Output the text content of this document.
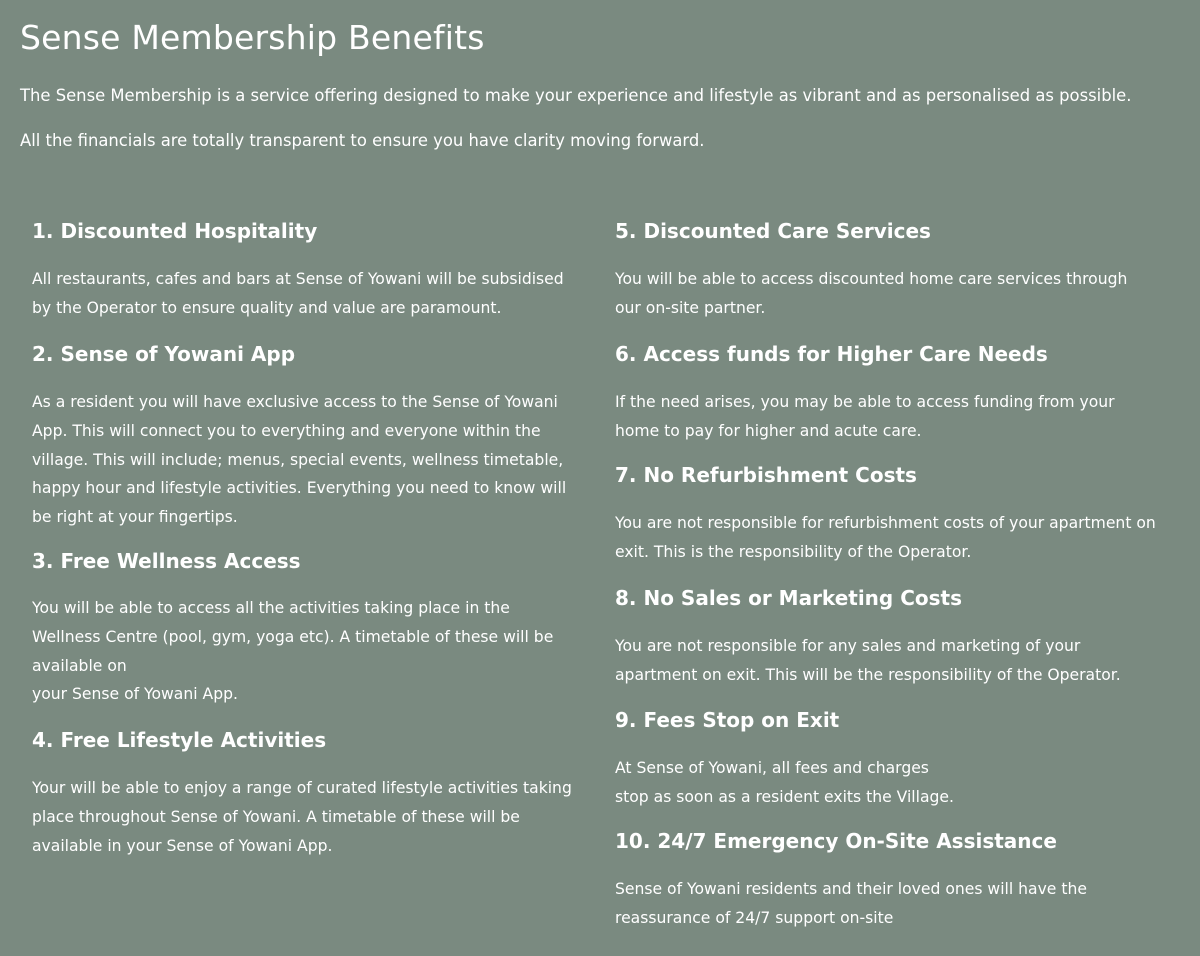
Sense Membership Benefits

The Sense Membership is a service offering designed to make your experience and lifestyle as vibrant and as personalised as possible.

All the financials are totally transparent to ensure you have clarity moving forward.

1. Discounted Hospitality
All restaurants, cafes and bars at Sense of Yowani will be subsidised
by the Operator to ensure quality and value are paramount.
2. Sense of Yowani App
As a resident you will have exclusive access to the Sense of Yowani
App. This will connect you to everything and everyone within the
village. This will include; menus, special events, wellness timetable,
happy hour and lifestyle activities. Everything you need to know will
be right at your fingertips.
3. Free Wellness Access
You will be able to access all the activities taking place in the
Wellness Centre (pool, gym, yoga etc). A timetable of these will be
available on
your Sense of Yowani App.
4. Free Lifestyle Activities
Your will be able to enjoy a range of curated lifestyle activities taking
place throughout Sense of Yowani. A timetable of these will be
available in your Sense of Yowani App.
5. Discounted Care Services
You will be able to access discounted home care services through
our on-site partner.
6. Access funds for Higher Care Needs
If the need arises, you may be able to access funding from your
home to pay for higher and acute care.
7. No Refurbishment Costs
You are not responsible for refurbishment costs of your apartment on
exit. This is the responsibility of the Operator.
8. No Sales or Marketing Costs
You are not responsible for any sales and marketing of your
apartment on exit. This will be the responsibility of the Operator.
9. Fees Stop on Exit
At Sense of Yowani, all fees and charges
stop as soon as a resident exits the Village.
10. 24/7 Emergency On-Site Assistance
Sense of Yowani residents and their loved ones will have the
reassurance of 24/7 support on-site
